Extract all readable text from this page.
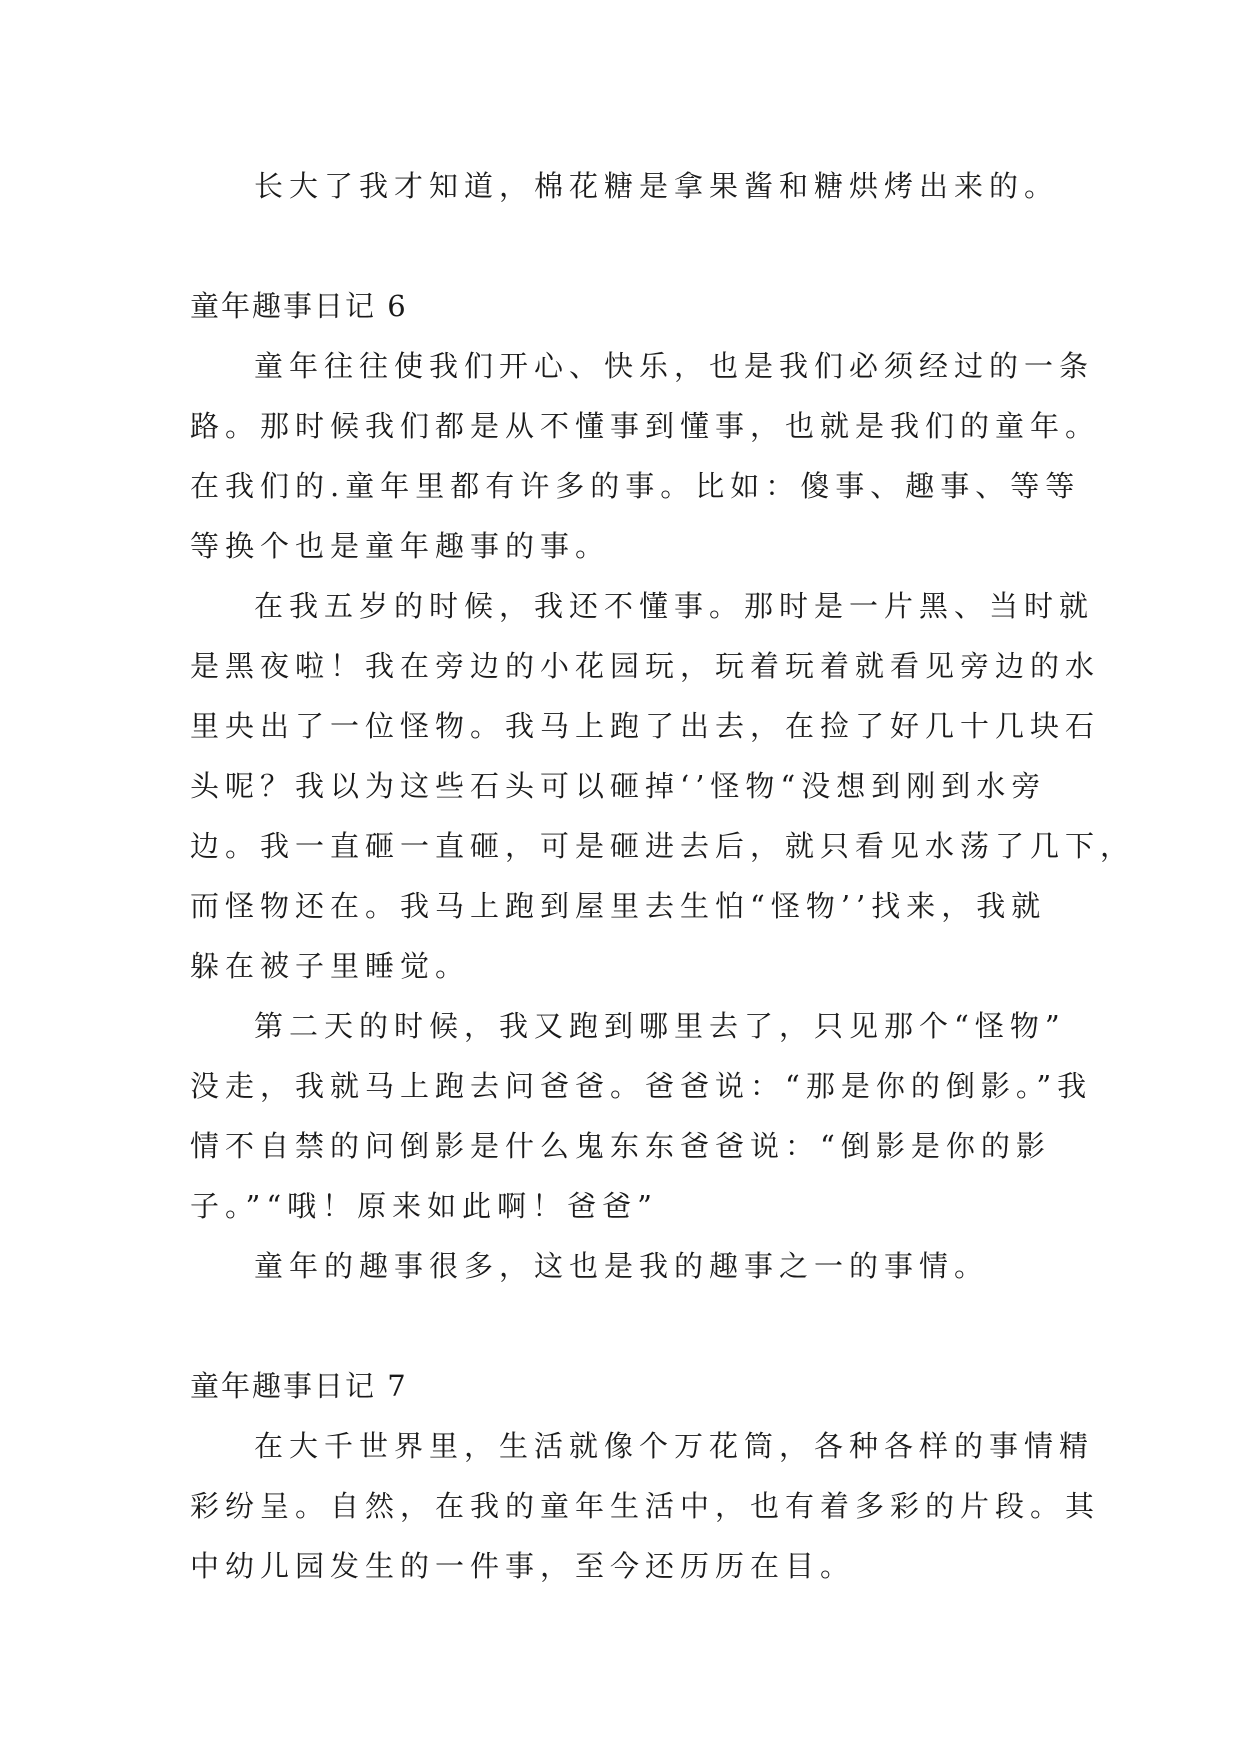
长大了我才知道，棉花糖是拿果酱和糖烘烤出来的。

童年趣事日记 6

童年往往使我们开心、快乐，也是我们必须经过的一条

路。那时候我们都是从不懂事到懂事，也就是我们的童年。

在我们的.童年里都有许多的事。比如：傻事、趣事、等等

等换个也是童年趣事的事。

在我五岁的时候，我还不懂事。那时是一片黑、当时就

是黑夜啦！我在旁边的小花园玩，玩着玩着就看见旁边的水

里央出了一位怪物。我马上跑了出去，在捡了好几十几块石

头呢？我以为这些石头可以砸掉‘’怪物“没想到刚到水旁

边。我一直砸一直砸，可是砸进去后，就只看见水荡了几下，

而怪物还在。我马上跑到屋里去生怕“怪物’’找来，我就

躲在被子里睡觉。

第二天的时候，我又跑到哪里去了，只见那个“怪物”

没走，我就马上跑去问爸爸。爸爸说：“那是你的倒影。”我

情不自禁的问倒影是什么鬼东东爸爸说：“倒影是你的影

子。”“哦！原来如此啊！爸爸”

童年的趣事很多，这也是我的趣事之一的事情。

童年趣事日记 7

在大千世界里，生活就像个万花筒，各种各样的事情精

彩纷呈。自然，在我的童年生活中，也有着多彩的片段。其

中幼儿园发生的一件事，至今还历历在目。
